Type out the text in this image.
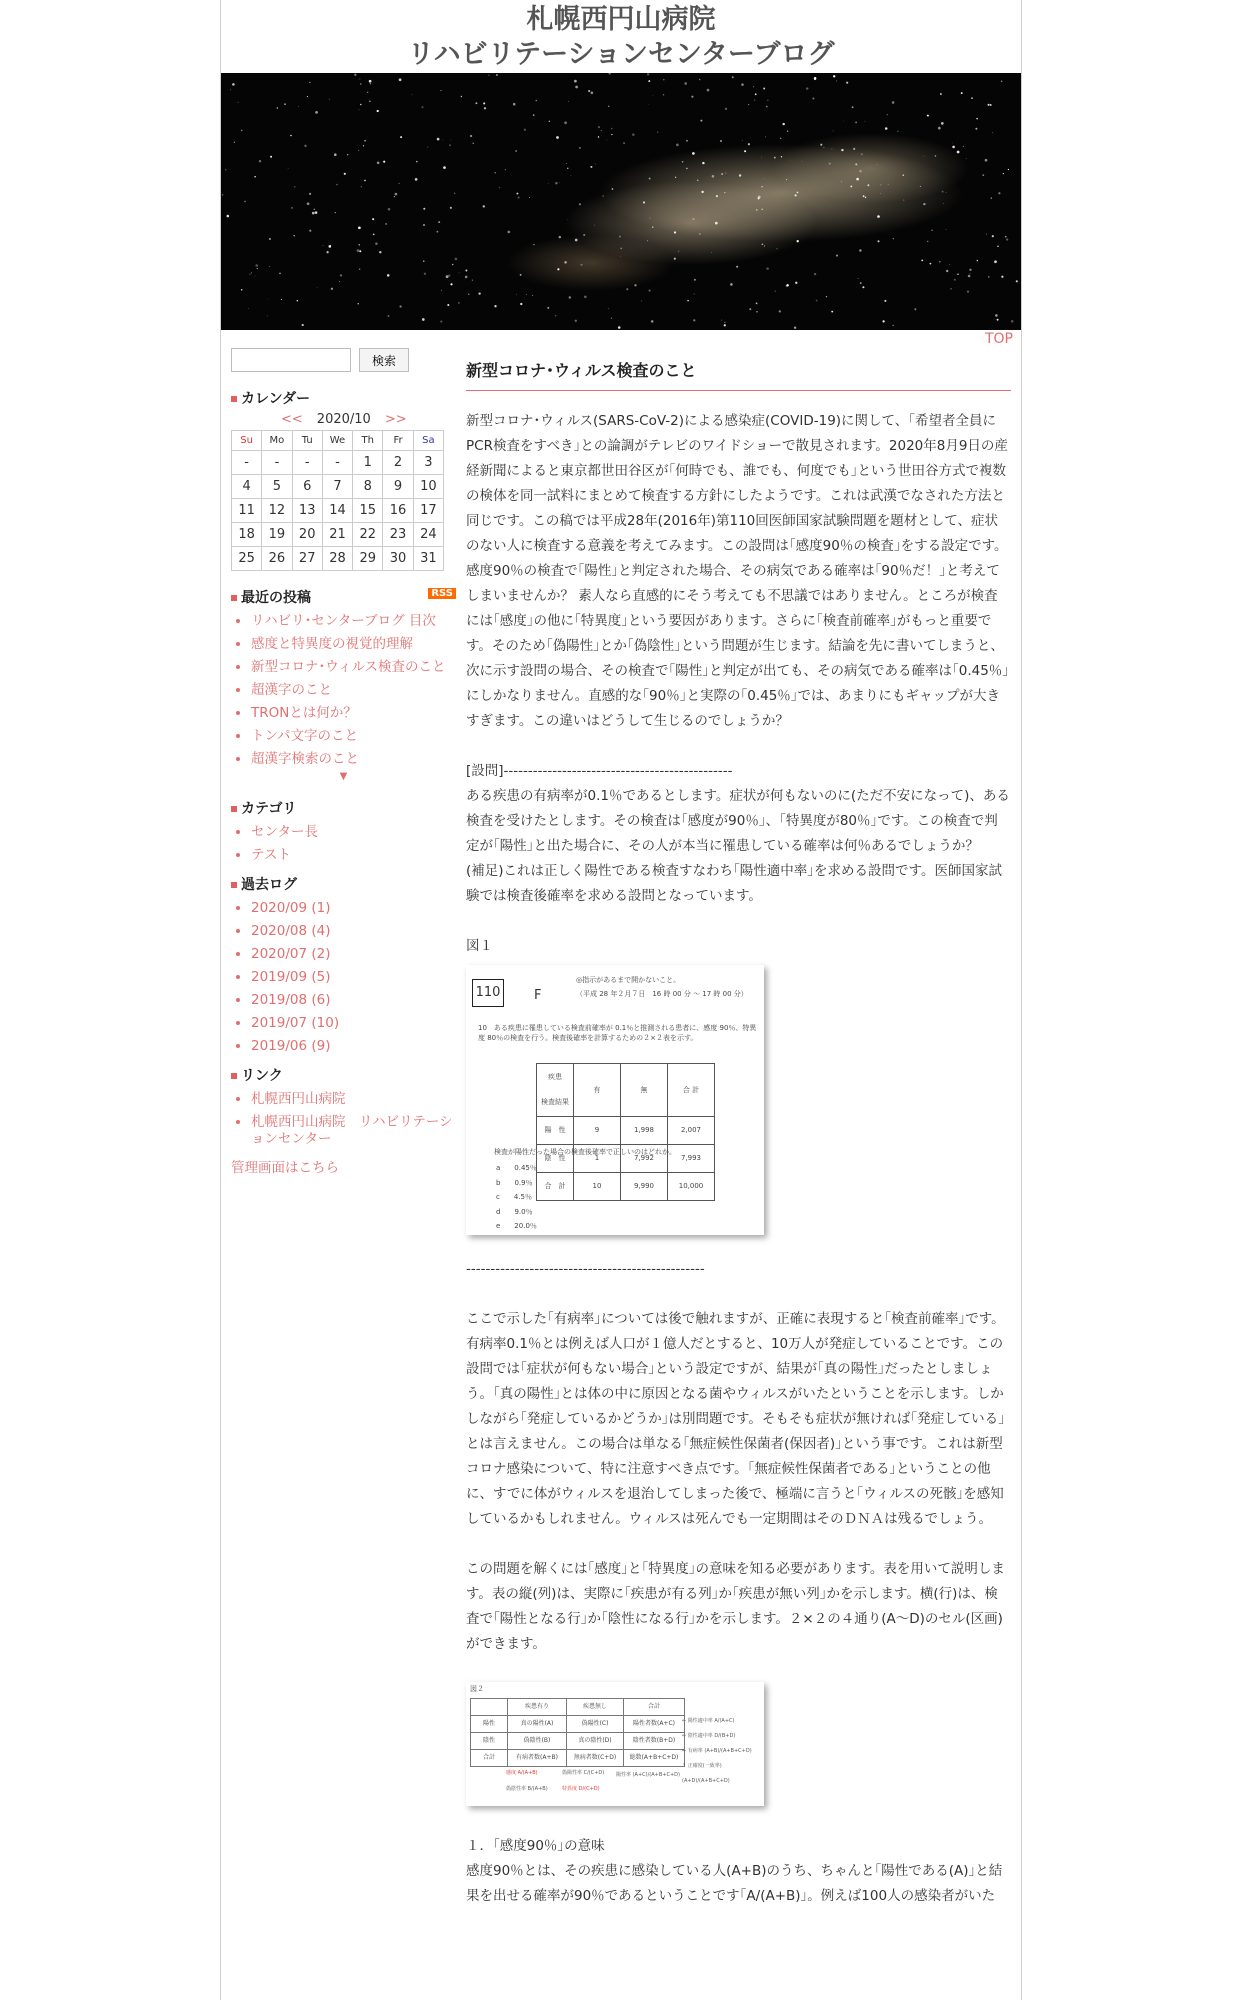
札幌西円山病院
リハビリテーションセンターブログ
TOP
検索
カレンダー
<< 2020/10 >>
Su	Mo	Tu	We	Th	Fr	Sa
-	-	-	-	1	2	3
4	5	6	7	8	9	10
11	12	13	14	15	16	17
18	19	20	21	22	23	24
25	26	27	28	29	30	31
最近の投稿	RSS
• リハビリ･センターブログ 目次
• 感度と特異度の視覚的理解
• 新型コロナ･ウィルス検査のこと
• 超漢字のこと
• TRONとは何か？
• トンパ文字のこと
• 超漢字検索のこと
▼
カテゴリ
• センター長
• テスト
過去ログ
• 2020/09 (1)
• 2020/08 (4)
• 2020/07 (2)
• 2019/09 (5)
• 2019/08 (6)
• 2019/07 (10)
• 2019/06 (9)
リンク
• 札幌西円山病院
• 札幌西円山病院　リハビリテーションセンター
管理画面はこちら
新型コロナ･ウィルス検査のこと

新型コロナ･ウィルス(SARS-CoV-2)による感染症(COVID-19)に関して、｢希望者全員にPCR検査をすべき｣との論調がテレビのワイドショーで散見されます。2020年8月9日の産経新聞によると東京都世田谷区が｢何時でも、誰でも、何度でも｣という世田谷方式で複数の検体を同一試料にまとめて検査する方針にしたようです。これは武漢でなされた方法と同じです。この稿では平成28年(2016年)第110回医師国家試験問題を題材として、症状のない人に検査する意義を考えてみます。この設問は｢感度90％の検査｣をする設定です。感度90％の検査で｢陽性｣と判定された場合、その病気である確率は｢90％だ！｣と考えてしまいませんか？ 素人なら直感的にそう考えても不思議ではありません。ところが検査には｢感度｣の他に｢特異度｣という要因があります。さらに｢検査前確率｣がもっと重要です。そのため｢偽陽性｣とか｢偽陰性｣という問題が生じます。結論を先に書いてしまうと、次に示す設問の場合、その検査で｢陽性｣と判定が出ても、その病気である確率は｢0.45％｣にしかなりません。直感的な｢90％｣と実際の｢0.45％｣では、あまりにもギャップが大きすぎます。この違いはどうして生じるのでしょうか？

[設問]-----------------------------------------------

ある疾患の有病率が0.1％であるとします。症状が何もないのに(ただ不安になって)、ある検査を受けたとします。その検査は｢感度が90％｣、｢特異度が80％｣です。この検査で判定が｢陽性｣と出た場合に、その人が本当に罹患している確率は何％あるでしょうか？

(補足)これは正しく陽性である検査すなわち｢陽性適中率｣を求める設問です。医師国家試験では検査後確率を求める設問となっています。

図１

110	F
◎指示があるまで開かないこと。
（平成 28 年２月７日　16 時 00 分 ～ 17 時 00 分）
10　ある疾患に罹患している検査前確率が 0.1％と推測される患者に、感度 90％、特異度 80％の検査を行う。検査後確率を計算するための２×２表を示す。
疾患
検査結果	有	無	合 計
陽　性	9	1,998	2,007
陰　性	1	7,992	7,993
合　計	10	9,990	10,000
検査が陽性だった場合の検査後確率で正しいのはどれか。
a　　0.45％
b　　0.9％
c　　4.5％
d　　9.0％
e　　20.0％

-------------------------------------------------

ここで示した｢有病率｣については後で触れますが、正確に表現すると｢検査前確率｣です。有病率0.1％とは例えば人口が１億人だとすると、10万人が発症していることです。この設問では｢症状が何もない場合｣という設定ですが、結果が｢真の陽性｣だったとしましょう。｢真の陽性｣とは体の中に原因となる菌やウィルスがいたということを示します。しかしながら｢発症しているかどうか｣は別問題です。そもそも症状が無ければ｢発症している｣とは言えません。この場合は単なる｢無症候性保菌者(保因者)｣という事です。これは新型コロナ感染について、特に注意すべき点です。｢無症候性保菌者である｣ということの他に、すでに体がウィルスを退治してしまった後で、極端に言うと｢ウィルスの死骸｣を感知しているかもしれません。ウィルスは死んでも一定期間はそのＤＮＡは残るでしょう。

この問題を解くには｢感度｣と｢特異度｣の意味を知る必要があります。表を用いて説明します。表の縦(列)は、実際に｢疾患が有る列｣か｢疾患が無い列｣かを示します。横(行)は、検査で｢陽性となる行｣か｢陰性になる行｣かを示します。２×２の４通り(A～D)のセル(区画)ができます。

図２
	疾患有り	疾患無し	合計
陽性	真の陽性(A)	偽陽性(C)	陽性者数(A+C)
陰性	偽陰性(B)	真の陰性(D)	陰性者数(B+D)
合計	有病者数(A+B)	無病者数(C+D)	総数(A+B+C+D)
← 陽性適中率 A/(A+C)
← 陰性適中率 D/(B+D)
← 有病率 (A+B)/(A+B+C+D)
↑ 正確度(一致率) (A+D)/(A+B+C+D)
感度 A/(A+B)
偽陰性率 B/(A+B)
偽陽性率 C/(C+D)
特異度 D/(C+D)
陽性率 (A+C)/(A+B+C+D)

１．｢感度90％｣の意味

感度90％とは、その疾患に感染している人(A+B)のうち、ちゃんと｢陽性である(A)｣と結果を出せる確率が90％であるということです｢A/(A+B)｣。例えば100人の感染者がいた
